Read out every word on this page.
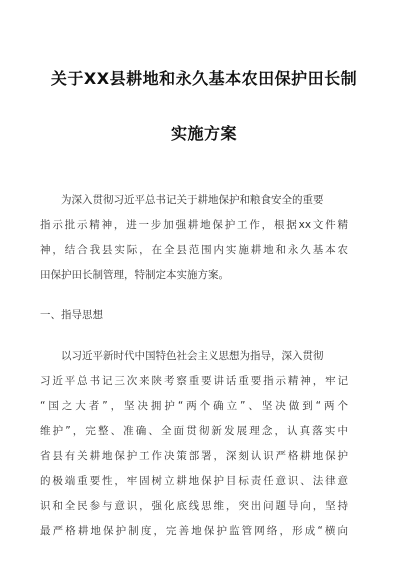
关于XX县耕地和永久基本农田保护田长制
实施方案
为深入贯彻习近平总书记关于耕地保护和粮食安全的重要
指示批示精神，进一步加强耕地保护工作，根据xx文件精
神，结合我县实际，在全县范围内实施耕地和永久基本农
田保护田长制管理，特制定本实施方案。
一、指导思想
以习近平新时代中国特色社会主义思想为指导，深入贯彻
习近平总书记三次来陕考察重要讲话重要指示精神，牢记
“国之大者”，坚决拥护“两个确立”、坚决做到“两个
维护”，完整、准确、全面贯彻新发展理念，认真落实中
省县有关耕地保护工作决策部署，深刻认识严格耕地保护
的极端重要性，牢固树立耕地保护目标责任意识、法律意
识和全民参与意识，强化底线思维，突出问题导向，坚持
最严格耕地保护制度，完善地保护监管网络，形成“横向
